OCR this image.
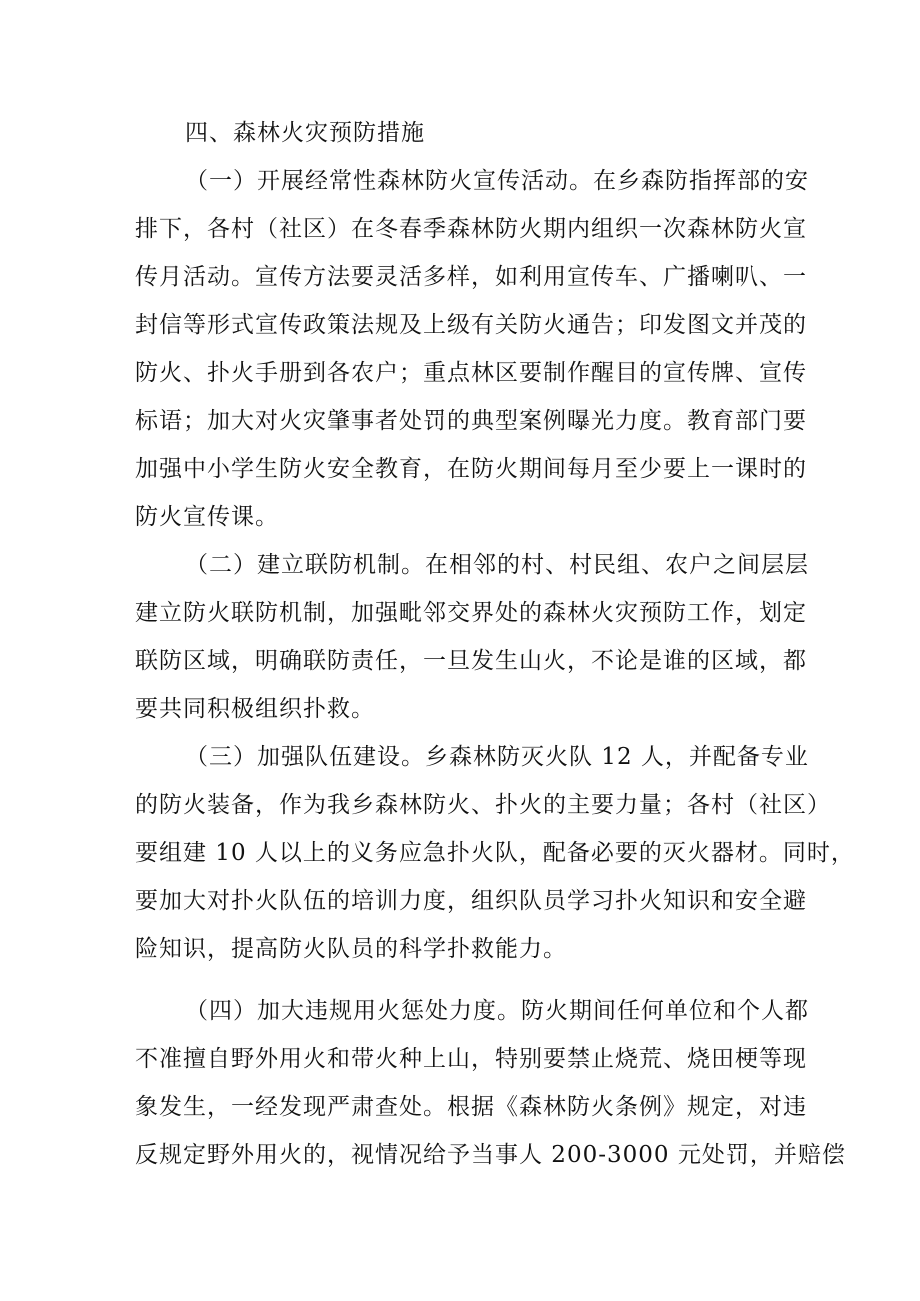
四、森林火灾预防措施
（一）开展经常性森林防火宣传活动。在乡森防指挥部的安
排下，各村（社区）在冬春季森林防火期内组织一次森林防火宣
传月活动。宣传方法要灵活多样，如利用宣传车、广播喇叭、一
封信等形式宣传政策法规及上级有关防火通告；印发图文并茂的
防火、扑火手册到各农户；重点林区要制作醒目的宣传牌、宣传
标语；加大对火灾肇事者处罚的典型案例曝光力度。教育部门要
加强中小学生防火安全教育，在防火期间每月至少要上一课时的
防火宣传课。
（二）建立联防机制。在相邻的村、村民组、农户之间层层
建立防火联防机制，加强毗邻交界处的森林火灾预防工作，划定
联防区域，明确联防责任，一旦发生山火，不论是谁的区域，都
要共同积极组织扑救。
（三）加强队伍建设。乡森林防灭火队 12 人，并配备专业
的防火装备，作为我乡森林防火、扑火的主要力量；各村（社区）
要组建 10 人以上的义务应急扑火队，配备必要的灭火器材。同时，
要加大对扑火队伍的培训力度，组织队员学习扑火知识和安全避
险知识，提高防火队员的科学扑救能力。
（四）加大违规用火惩处力度。防火期间任何单位和个人都
不准擅自野外用火和带火种上山，特别要禁止烧荒、烧田梗等现
象发生，一经发现严肃查处。根据《森林防火条例》规定，对违
反规定野外用火的，视情况给予当事人 200-3000 元处罚，并赔偿
